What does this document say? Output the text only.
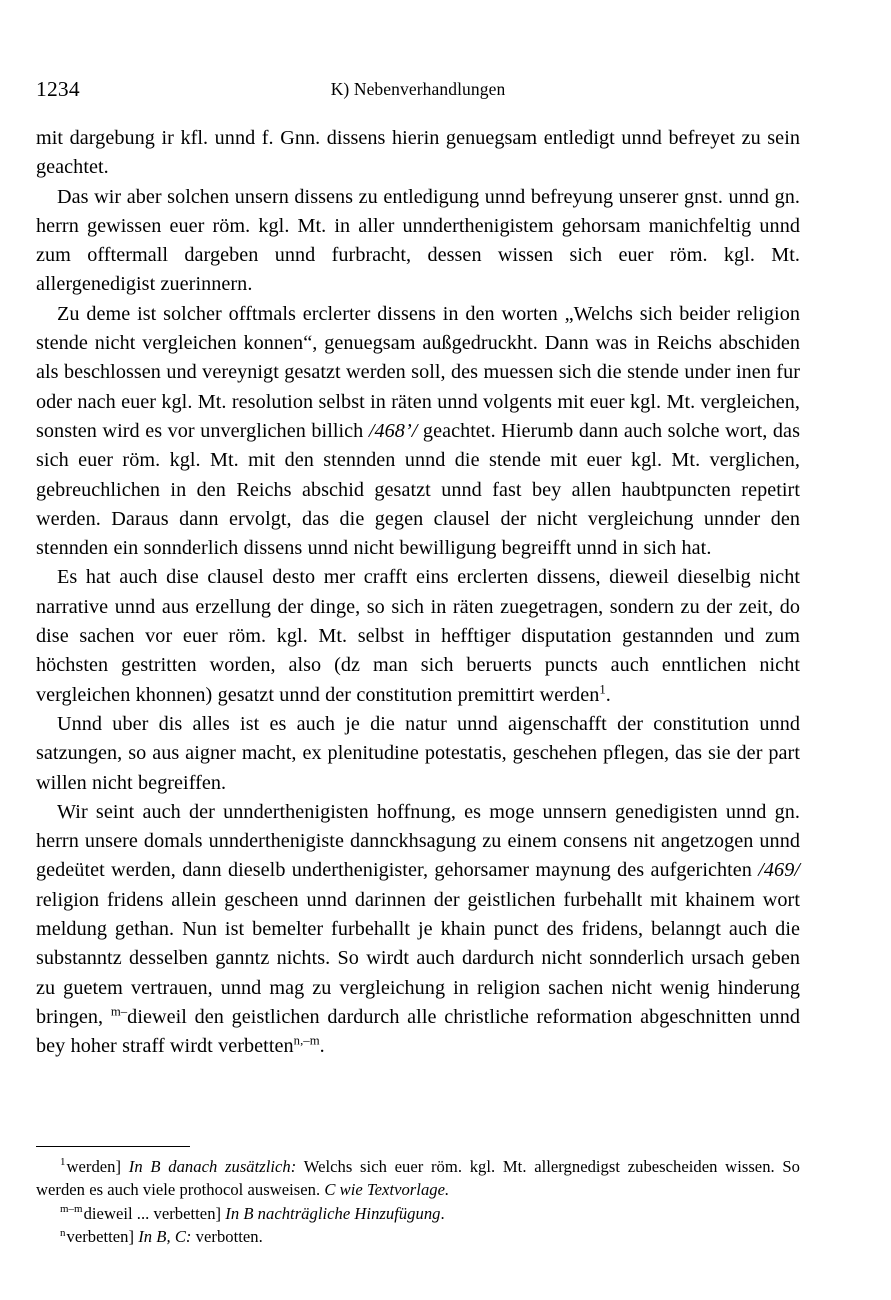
1234	K) Nebenverhandlungen

mit dargebung ir kfl. unnd f. Gnn. dissens hierin genuegsam entledigt unnd befreyet zu sein geachtet.

Das wir aber solchen unsern dissens zu entledigung unnd befreyung unserer gnst. unnd gn. herrn gewissen euer röm. kgl. Mt. in aller unnderthenigistem gehorsam manichfeltig unnd zum offtermall dargeben unnd furbracht, dessen wissen sich euer röm. kgl. Mt. allergenedigist zuerinnern.

Zu deme ist solcher offtmals erclerter dissens in den worten „Welchs sich beider religion stende nicht vergleichen konnen“, genuegsam außgedruckht. Dann was in Reichs abschiden als beschlossen und vereynigt gesatzt werden soll, des muessen sich die stende under inen fur oder nach euer kgl. Mt. resolution selbst in räten unnd volgents mit euer kgl. Mt. vergleichen, sonsten wird es vor unverglichen billich /468’/ geachtet. Hierumb dann auch solche wort, das sich euer röm. kgl. Mt. mit den stennden unnd die stende mit euer kgl. Mt. verglichen, gebreuchlichen in den Reichs abschid gesatzt unnd fast bey allen haubtpuncten repetirt werden. Daraus dann ervolgt, das die gegen clausel der nicht vergleichung unnder den stennden ein sonnderlich dissens unnd nicht bewilligung begreifft unnd in sich hat.

Es hat auch dise clausel desto mer crafft eins erclerten dissens, dieweil dieselbig nicht narrative unnd aus erzellung der dinge, so sich in räten zuegetragen, sondern zu der zeit, do dise sachen vor euer röm. kgl. Mt. selbst in hefftiger disputation gestannden und zum höchsten gestritten worden, also (dz man sich beruerts puncts auch enntlichen nicht vergleichen khonnen) gesatzt unnd der constitution premittirt werden$^1$.

Unnd uber dis alles ist es auch je die natur unnd aigenschafft der constitution unnd satzungen, so aus aigner macht, ex plenitudine potestatis, geschehen pflegen, das sie der part willen nicht begreiffen.

Wir seint auch der unnderthenigisten hoffnung, es moge unnsern genedigisten unnd gn. herrn unsere domals unnderthenigiste dannckhsagung zu einem consens nit angetzogen unnd gedeütet werden, dann dieselb underthenigister, gehorsamer maynung des aufgerichten /469/ religion fridens allein gescheen unnd darinnen der geistlichen furbehallt mit khainem wort meldung gethan. Nun ist bemelter furbehallt je khain punct des fridens, belanngt auch die substanntz desselben ganntz nichts. So wirdt auch dardurch nicht sonnderlich ursach geben zu guetem vertrauen, unnd mag zu vergleichung in religion sachen nicht wenig hinderung bringen, $^{m-}$dieweil den geistlichen dardurch alle christliche reformation abgeschnitten unnd bey hoher straff wirdt verbetten$^{n,-m}$.

$^1$werden] In B danach zusätzlich: Welchs sich euer röm. kgl. Mt. allergnedigst zubescheiden wissen. So werden es auch viele prothocol ausweisen. C wie Textvorlage.

$^{m-m}$dieweil ... verbetten] In B nachträgliche Hinzufügung.

$^n$verbetten] In B, C: verbotten.
